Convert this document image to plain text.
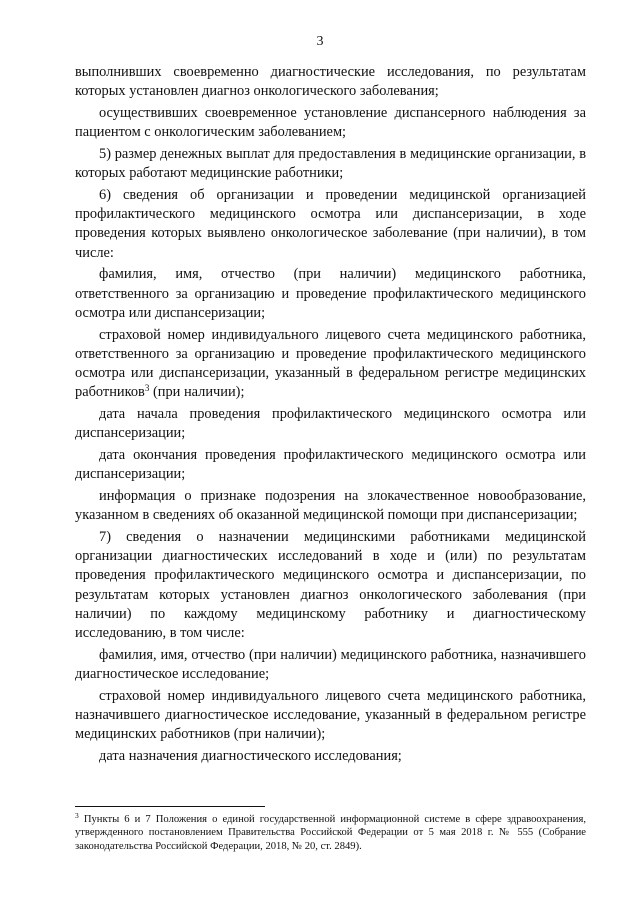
3

выполнивших своевременно диагностические исследования, по результатам которых установлен диагноз онкологического заболевания;

осуществивших своевременное установление диспансерного наблюдения за пациентом с онкологическим заболеванием;

5) размер денежных выплат для предоставления в медицинские организации, в которых работают медицинские работники;

6) сведения об организации и проведении медицинской организацией профилактического медицинского осмотра или диспансеризации, в ходе проведения которых выявлено онкологическое заболевание (при наличии), в том числе:

фамилия, имя, отчество (при наличии) медицинского работника, ответственного за организацию и проведение профилактического медицинского осмотра или диспансеризации;

страховой номер индивидуального лицевого счета медицинского работника, ответственного за организацию и проведение профилактического медицинского осмотра или диспансеризации, указанный в федеральном регистре медицинских работников$^3$ (при наличии);

дата начала проведения профилактического медицинского осмотра или диспансеризации;

дата окончания проведения профилактического медицинского осмотра или диспансеризации;

информация о признаке подозрения на злокачественное новообразование, указанном в сведениях об оказанной медицинской помощи при диспансеризации;

7) сведения о назначении медицинскими работниками медицинской организации диагностических исследований в ходе и (или) по результатам проведения профилактического медицинского осмотра и диспансеризации, по результатам которых установлен диагноз онкологического заболевания (при наличии) по каждому медицинскому работнику и диагностическому исследованию, в том числе:

фамилия, имя, отчество (при наличии) медицинского работника, назначившего диагностическое исследование;

страховой номер индивидуального лицевого счета медицинского работника, назначившего диагностическое исследование, указанный в федеральном регистре медицинских работников (при наличии);

дата назначения диагностического исследования;

$^3$ Пункты 6 и 7 Положения о единой государственной информационной системе в сфере здравоохранения, утвержденного постановлением Правительства Российской Федерации от 5 мая 2018 г. № 555 (Собрание законодательства Российской Федерации, 2018, № 20, ст. 2849).
